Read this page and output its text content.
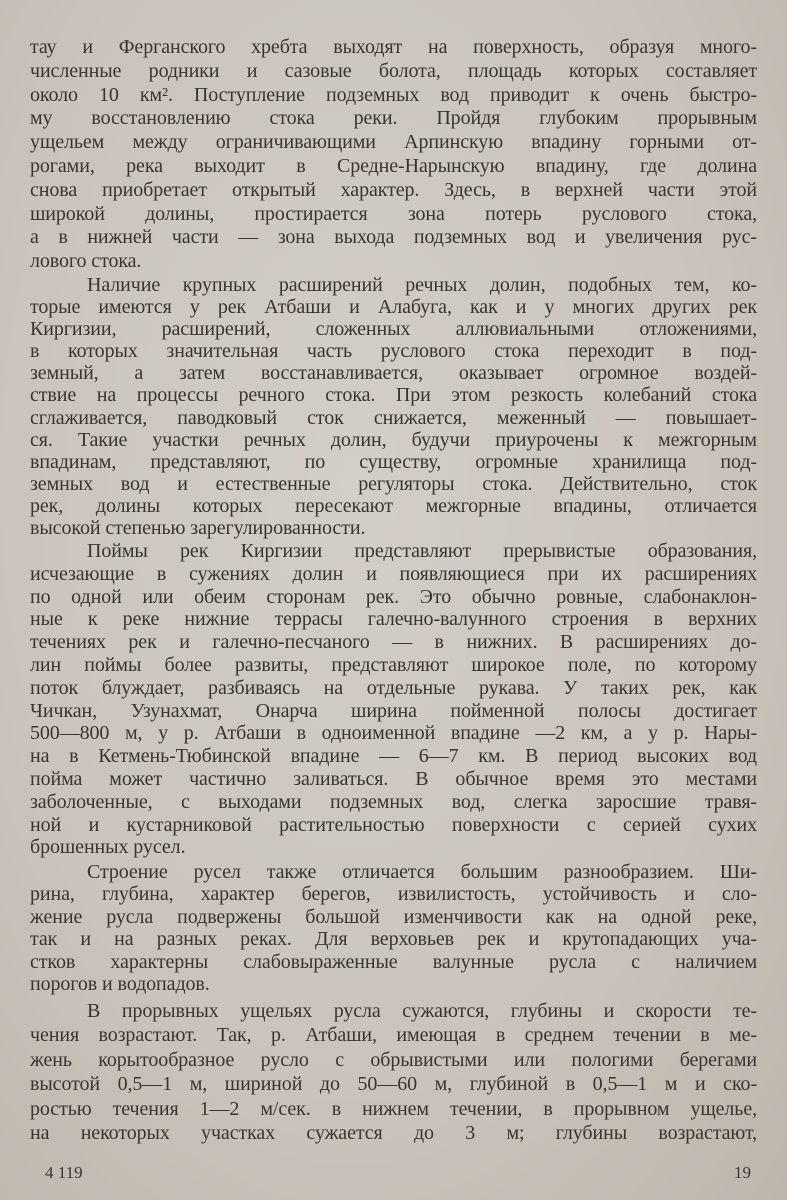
тау и Ферганского хребта выходят на поверхность, образуя много-
численные родники и сазовые болота, площадь которых составляет
около 10 км². Поступление подземных вод приводит к очень быстро-
му восстановлению стока реки. Пройдя глубоким прорывным
ущельем между ограничивающими Арпинскую впадину горными от-
рогами, река выходит в Средне-Нарынскую впадину, где долина
снова приобретает открытый характер. Здесь, в верхней части этой
широкой долины, простирается зона потерь руслового стока,
а в нижней части — зона выхода подземных вод и увеличения рус-
лового стока.
Наличие крупных расширений речных долин, подобных тем, ко-
торые имеются у рек Атбаши и Алабуга, как и у многих других рек
Киргизии, расширений, сложенных аллювиальными отложениями,
в которых значительная часть руслового стока переходит в под-
земный, а затем восстанавливается, оказывает огромное воздей-
ствие на процессы речного стока. При этом резкость колебаний стока
сглаживается, паводковый сток снижается, меженный — повышает-
ся. Такие участки речных долин, будучи приурочены к межгорным
впадинам, представляют, по существу, огромные хранилища под-
земных вод и естественные регуляторы стока. Действительно, сток
рек, долины которых пересекают межгорные впадины, отличается
высокой степенью зарегулированности.
Поймы рек Киргизии представляют прерывистые образования,
исчезающие в сужениях долин и появляющиеся при их расширениях
по одной или обеим сторонам рек. Это обычно ровные, слабонаклон-
ные к реке нижние террасы галечно-валунного строения в верхних
течениях рек и галечно-песчаного — в нижних. В расширениях до-
лин поймы более развиты, представляют широкое поле, по которому
поток блуждает, разбиваясь на отдельные рукава. У таких рек, как
Чичкан, Узунахмат, Онарча ширина пойменной полосы достигает
500—800 м, у р. Атбаши в одноименной впадине —2 км, а у р. Нары-
на в Кетмень-Тюбинской впадине — 6—7 км. В период высоких вод
пойма может частично заливаться. В обычное время это местами
заболоченные, с выходами подземных вод, слегка заросшие травя-
ной и кустарниковой растительностью поверхности с серией сухих
брошенных русел.
Строение русел также отличается большим разнообразием. Ши-
рина, глубина, характер берегов, извилистость, устойчивость и сло-
жение русла подвержены большой изменчивости как на одной реке,
так и на разных реках. Для верховьев рек и крутопадающих уча-
стков характерны слабовыраженные валунные русла с наличием
порогов и водопадов.
В прорывных ущельях русла сужаются, глубины и скорости те-
чения возрастают. Так, р. Атбаши, имеющая в среднем течении в ме-
жень корытообразное русло с обрывистыми или пологими берегами
высотой 0,5—1 м, шириной до 50—60 м, глубиной в 0,5—1 м и ско-
ростью течения 1—2 м/сек. в нижнем течении, в прорывном ущелье,
на некоторых участках сужается до 3 м; глубины возрастают,
4 119	19
